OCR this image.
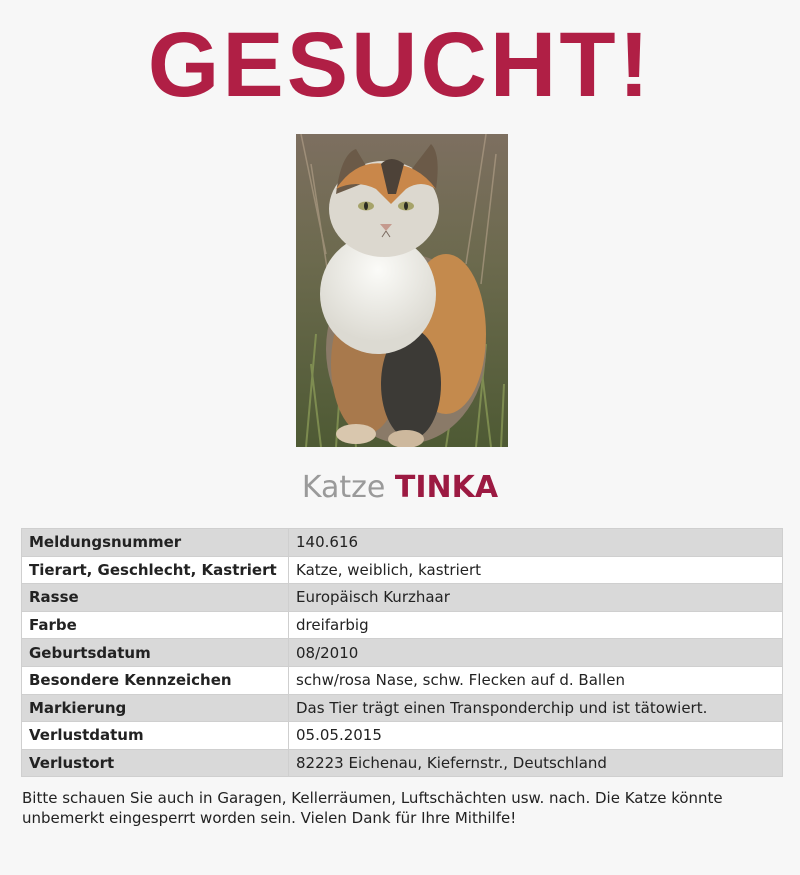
GESUCHT!
Katze TINKA
Meldungsnummer	140.616
Tierart, Geschlecht, Kastriert	Katze, weiblich, kastriert
Rasse	Europäisch Kurzhaar
Farbe	dreifarbig
Geburtsdatum	08/2010
Besondere Kennzeichen	schw/rosa Nase, schw. Flecken auf d. Ballen
Markierung	Das Tier trägt einen Transponderchip und ist tätowiert.
Verlustdatum	05.05.2015
Verlustort	82223 Eichenau, Kiefernstr., Deutschland
Bitte schauen Sie auch in Garagen, Kellerräumen, Luftschächten usw. nach. Die Katze könnte unbemerkt eingesperrt worden sein. Vielen Dank für Ihre Mithilfe!
